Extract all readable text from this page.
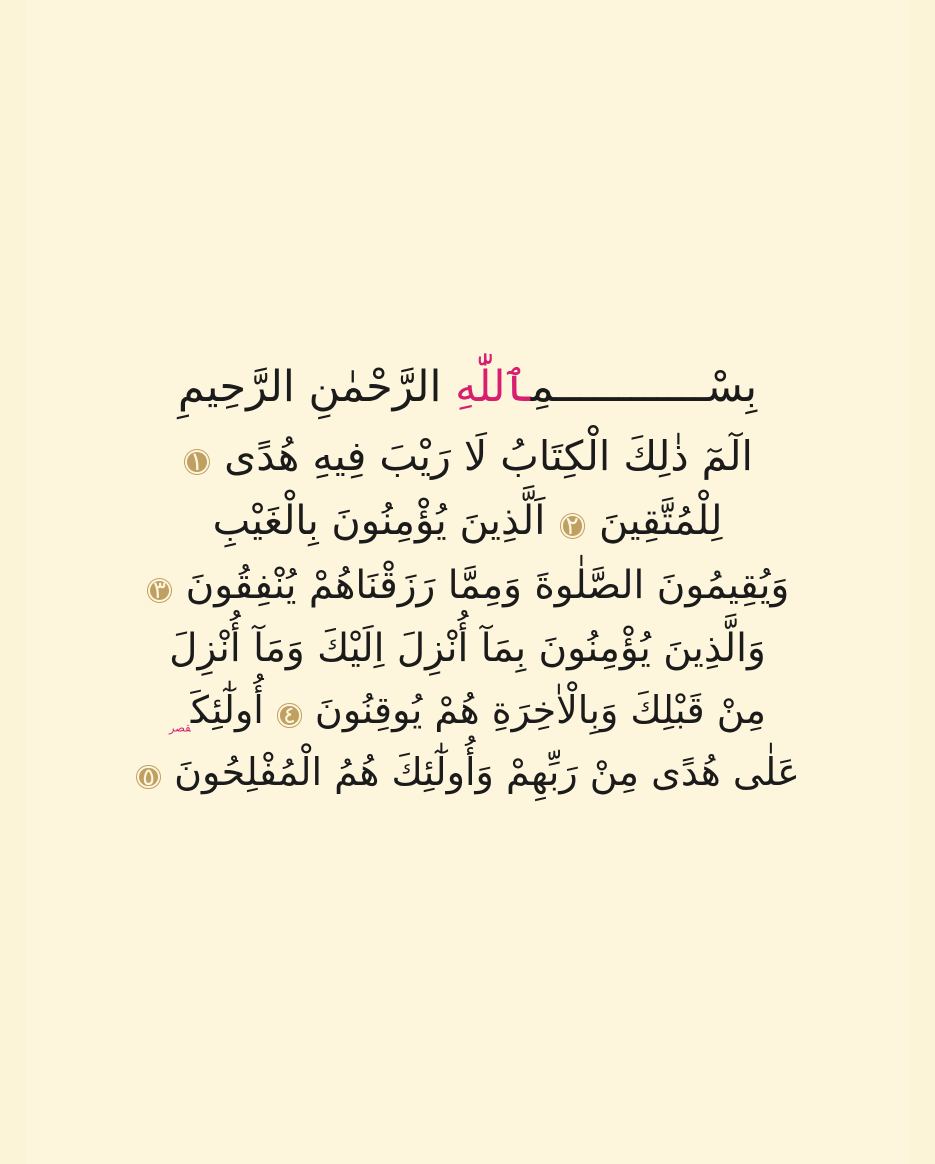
بِسْــــــــــــمِٱللّٰهِ الرَّحْمٰنِ الرَّحِيمِ
الٓمٓ ذٰلِكَ الْكِتَابُ لَا رَيْبَ فِيهِ هُدًى ١
لِلْمُتَّقِينَ ٢ اَلَّذِينَ يُؤْمِنُونَ بِالْغَيْبِ
وَيُقِيمُونَ الصَّلٰوةَ وَمِمَّا رَزَقْنَاهُمْ يُنْفِقُونَ ٣
وَالَّذِينَ يُؤْمِنُونَ بِمَآ أُنْزِلَ اِلَيْكَ وَمَآ أُنْزِلَ
مِنْ قَبْلِكَ وَبِالْاٰخِرَةِ هُمْ يُوقِنُونَ ٤ $أُولٰٓئِكَ_{قصر}$
عَلٰى هُدًى مِنْ رَبِّهِمْ وَأُولٰٓئِكَ هُمُ الْمُفْلِحُونَ ٥
